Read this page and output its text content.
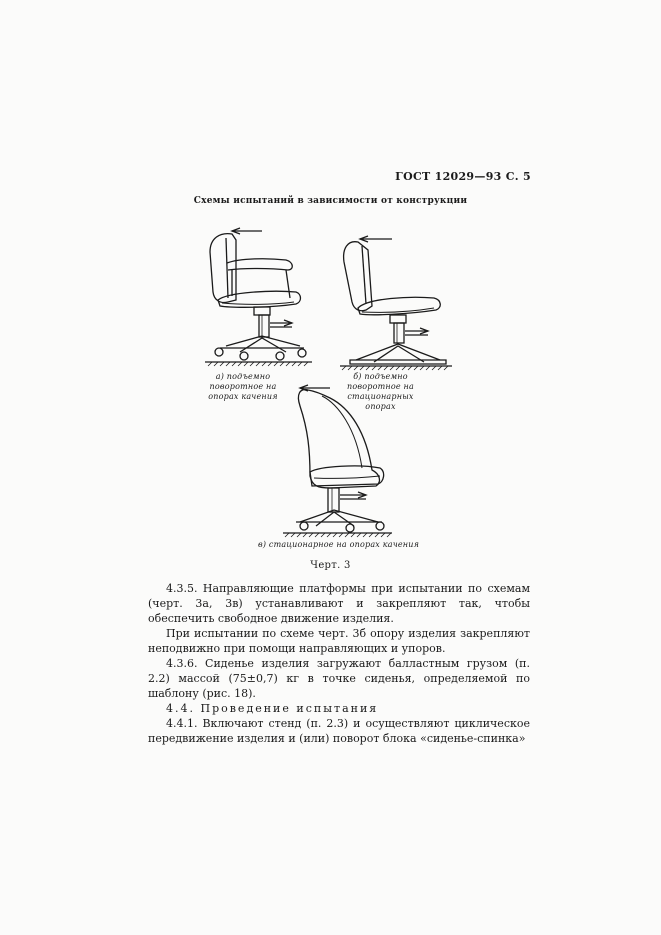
ГОСТ 12029—93 С. 5
Схемы испытаний в зависимости от конструкции
а) подъемно поворотное на опорах качения
б) подъемно поворотное на стационарных опорах
в) стационарное на опорах качения
Черт. 3

4.3.5. Направляющие платформы при испытании по схемам (черт. 3а, 3в) устанавливают и закрепляют так, чтобы обеспечить свободное движение изделия.

При испытании по схеме черт. 3б опору изделия закрепляют неподвижно при помощи направляющих и упоров.

4.3.6. Сиденье изделия загружают балластным грузом (п. 2.2) массой (75±0,7) кг в точке сиденья, определяемой по шаблону (рис. 18).

4.4. Проведение испытания

4.4.1. Включают стенд (п. 2.3) и осуществляют циклическое передвижение изделия и (или) поворот блока «сиденье-спинка»
